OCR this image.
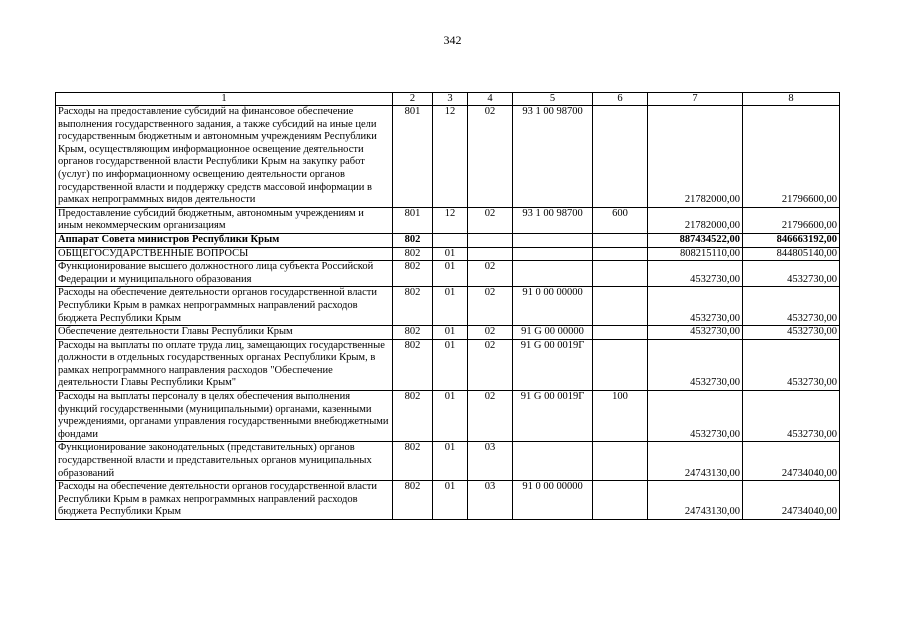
342
1	2	3	4	5	6	7	8
Расходы на предоставление субсидий на финансовое обеспечение выполнения государственного задания, а также субсидий на иные цели государственным бюджетным и автономным учреждениям Республики Крым, осуществляющим информационное освещение деятельности органов государственной власти Республики Крым на закупку работ (услуг) по информационному освещению деятельности органов государственной власти и поддержку средств массовой информации в рамках непрограммных видов деятельности	801	12	02	93 1 00 98700		21782000,00	21796600,00
Предоставление субсидий бюджетным, автономным учреждениям и иным некоммерческим организациям	801	12	02	93 1 00 98700	600	21782000,00	21796600,00
Аппарат Совета министров Республики Крым	802					887434522,00	846663192,00
ОБЩЕГОСУДАРСТВЕННЫЕ ВОПРОСЫ	802	01				808215110,00	844805140,00
Функционирование высшего должностного лица субъекта Российской Федерации и муниципального образования	802	01	02			4532730,00	4532730,00
Расходы на обеспечение деятельности органов государственной власти Республики Крым в рамках непрограммных направлений расходов бюджета Республики Крым	802	01	02	91 0 00 00000		4532730,00	4532730,00
Обеспечение деятельности Главы Республики Крым	802	01	02	91 G 00 00000		4532730,00	4532730,00
Расходы на выплаты по оплате труда лиц, замещающих государственные должности в отдельных государственных органах Республики Крым, в рамках непрограммного направления расходов "Обеспечение деятельности Главы Республики Крым"	802	01	02	91 G 00 0019Г		4532730,00	4532730,00
Расходы на выплаты персоналу в целях обеспечения выполнения функций государственными (муниципальными) органами, казенными учреждениями, органами управления государственными внебюджетными фондами	802	01	02	91 G 00 0019Г	100	4532730,00	4532730,00
Функционирование законодательных (представительных) органов государственной власти и представительных органов муниципальных образований	802	01	03			24743130,00	24734040,00
Расходы на обеспечение деятельности органов государственной власти Республики Крым в рамках непрограммных направлений расходов бюджета Республики Крым	802	01	03	91 0 00 00000		24743130,00	24734040,00
